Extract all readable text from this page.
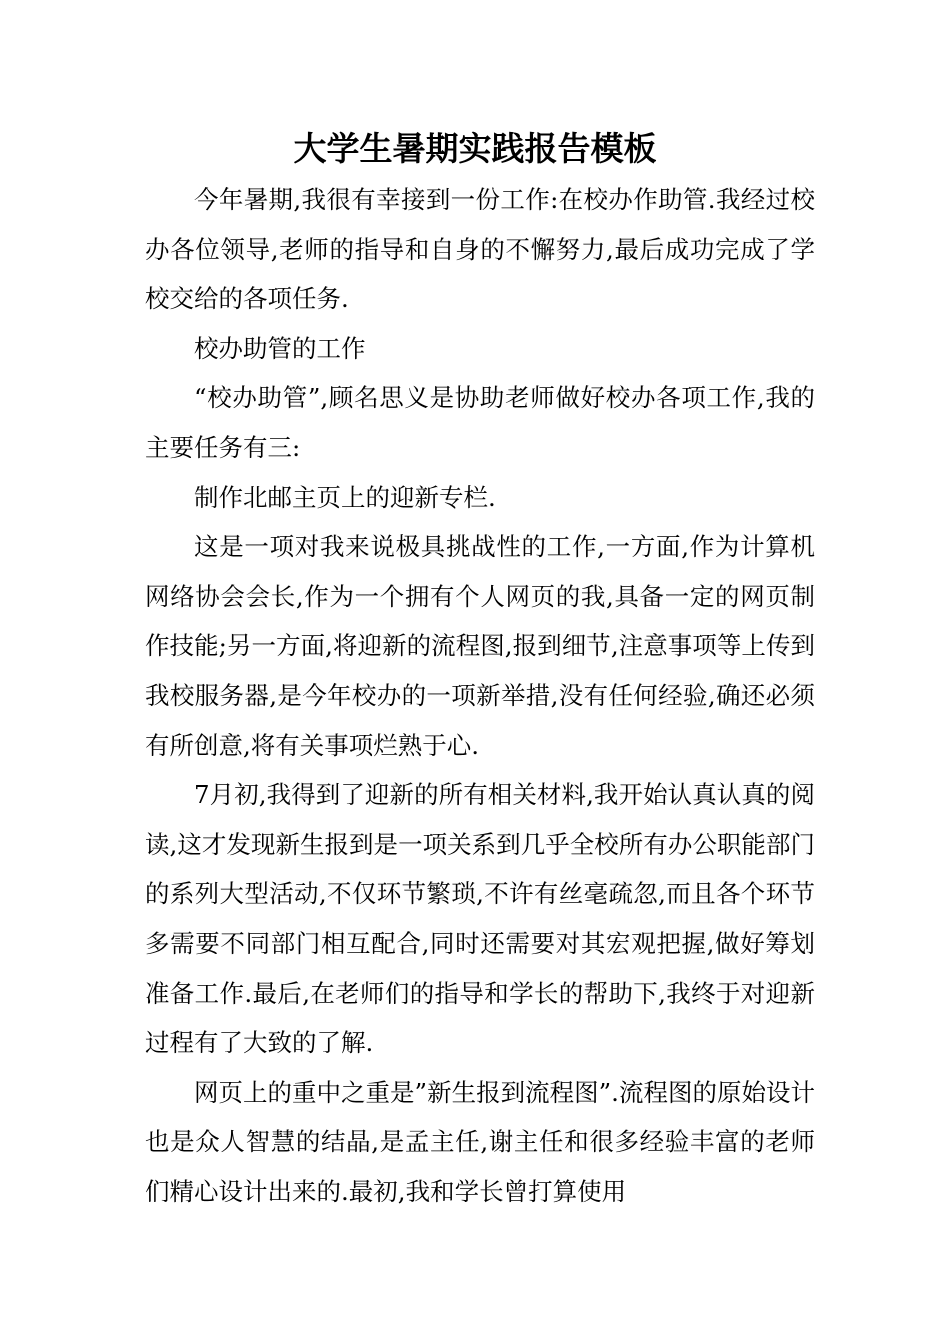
大学生暑期实践报告模板

今年暑期,我很有幸接到一份工作:在校办作助管.我经过校办各位领导,老师的指导和自身的不懈努力,最后成功完成了学校交给的各项任务.

校办助管的工作

“校办助管”,顾名思义是协助老师做好校办各项工作,我的主要任务有三:

制作北邮主页上的迎新专栏.

这是一项对我来说极具挑战性的工作,一方面,作为计算机网络协会会长,作为一个拥有个人网页的我,具备一定的网页制作技能;另一方面,将迎新的流程图,报到细节,注意事项等上传到我校服务器,是今年校办的一项新举措,没有任何经验,确还必须有所创意,将有关事项烂熟于心.

7月初,我得到了迎新的所有相关材料,我开始认真认真的阅读,这才发现新生报到是一项关系到几乎全校所有办公职能部门的系列大型活动,不仅环节繁琐,不许有丝毫疏忽,而且各个环节多需要不同部门相互配合,同时还需要对其宏观把握,做好筹划准备工作.最后,在老师们的指导和学长的帮助下,我终于对迎新过程有了大致的了解.

网页上的重中之重是”新生报到流程图”.流程图的原始设计也是众人智慧的结晶,是孟主任,谢主任和很多经验丰富的老师们精心设计出来的.最初,我和学长曾打算使用
